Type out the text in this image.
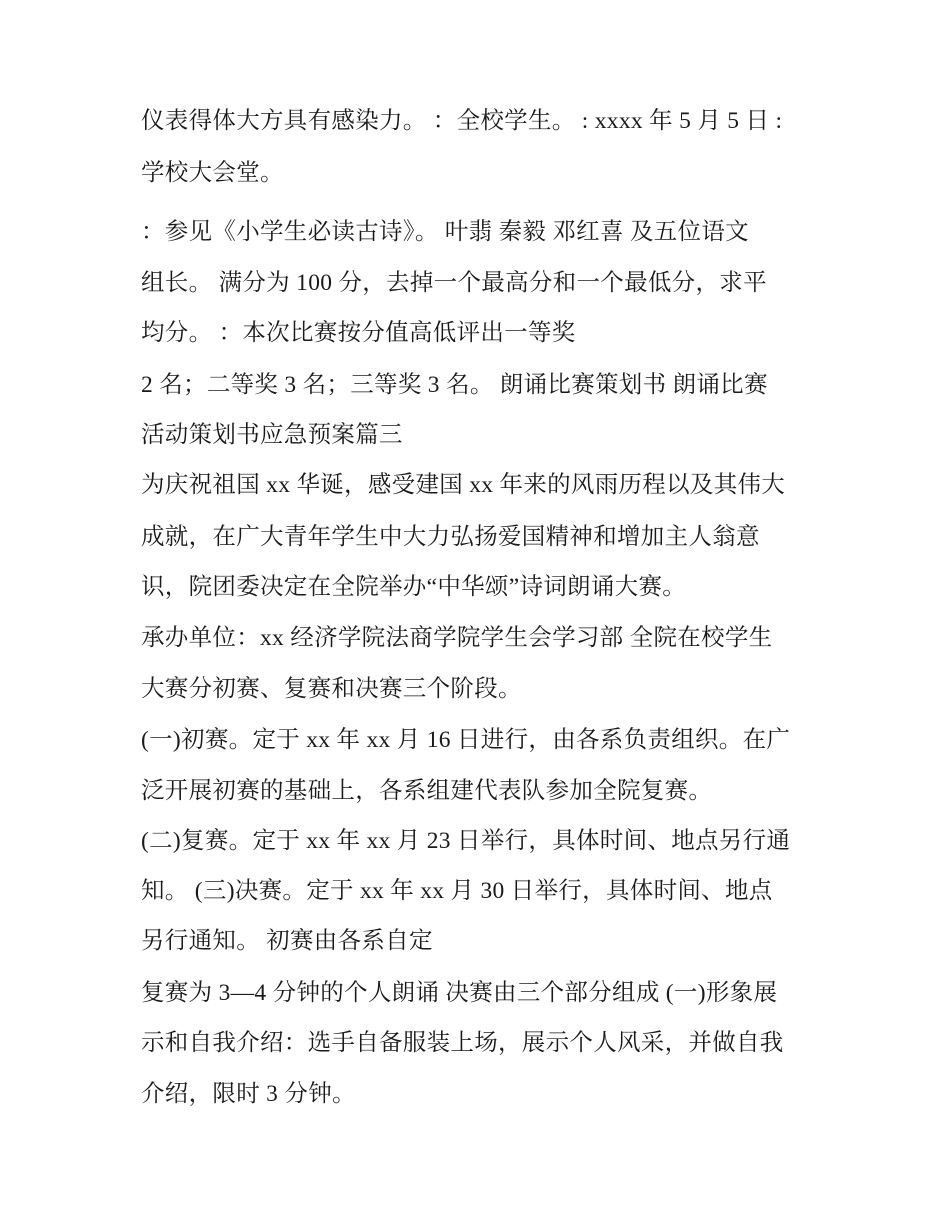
仪表得体大方具有感染力。 ：全校学生。 : xxxx 年 5 月 5 日 :
学校大会堂。
：参见《小学生必读古诗》。 叶翡 秦毅 邓红喜 及五位语文
组长。 满分为 100 分，去掉一个最高分和一个最低分，求平
均分。 ：本次比赛按分值高低评出一等奖
2 名；二等奖 3 名；三等奖 3 名。 朗诵比赛策划书 朗诵比赛
活动策划书应急预案篇三
为庆祝祖国 xx 华诞，感受建国 xx 年来的风雨历程以及其伟大
成就，在广大青年学生中大力弘扬爱国精神和增加主人翁意
识，院团委决定在全院举办“中华颂”诗词朗诵大赛。
承办单位：xx 经济学院法商学院学生会学习部 全院在校学生
大赛分初赛、复赛和决赛三个阶段。
(一)初赛。定于 xx 年 xx 月 16 日进行，由各系负责组织。在广
泛开展初赛的基础上，各系组建代表队参加全院复赛。
(二)复赛。定于 xx 年 xx 月 23 日举行，具体时间、地点另行通
知。 (三)决赛。定于 xx 年 xx 月 30 日举行，具体时间、地点
另行通知。 初赛由各系自定
复赛为 3—4 分钟的个人朗诵 决赛由三个部分组成 (一)形象展
示和自我介绍：选手自备服装上场，展示个人风采，并做自我
介绍，限时 3 分钟。
